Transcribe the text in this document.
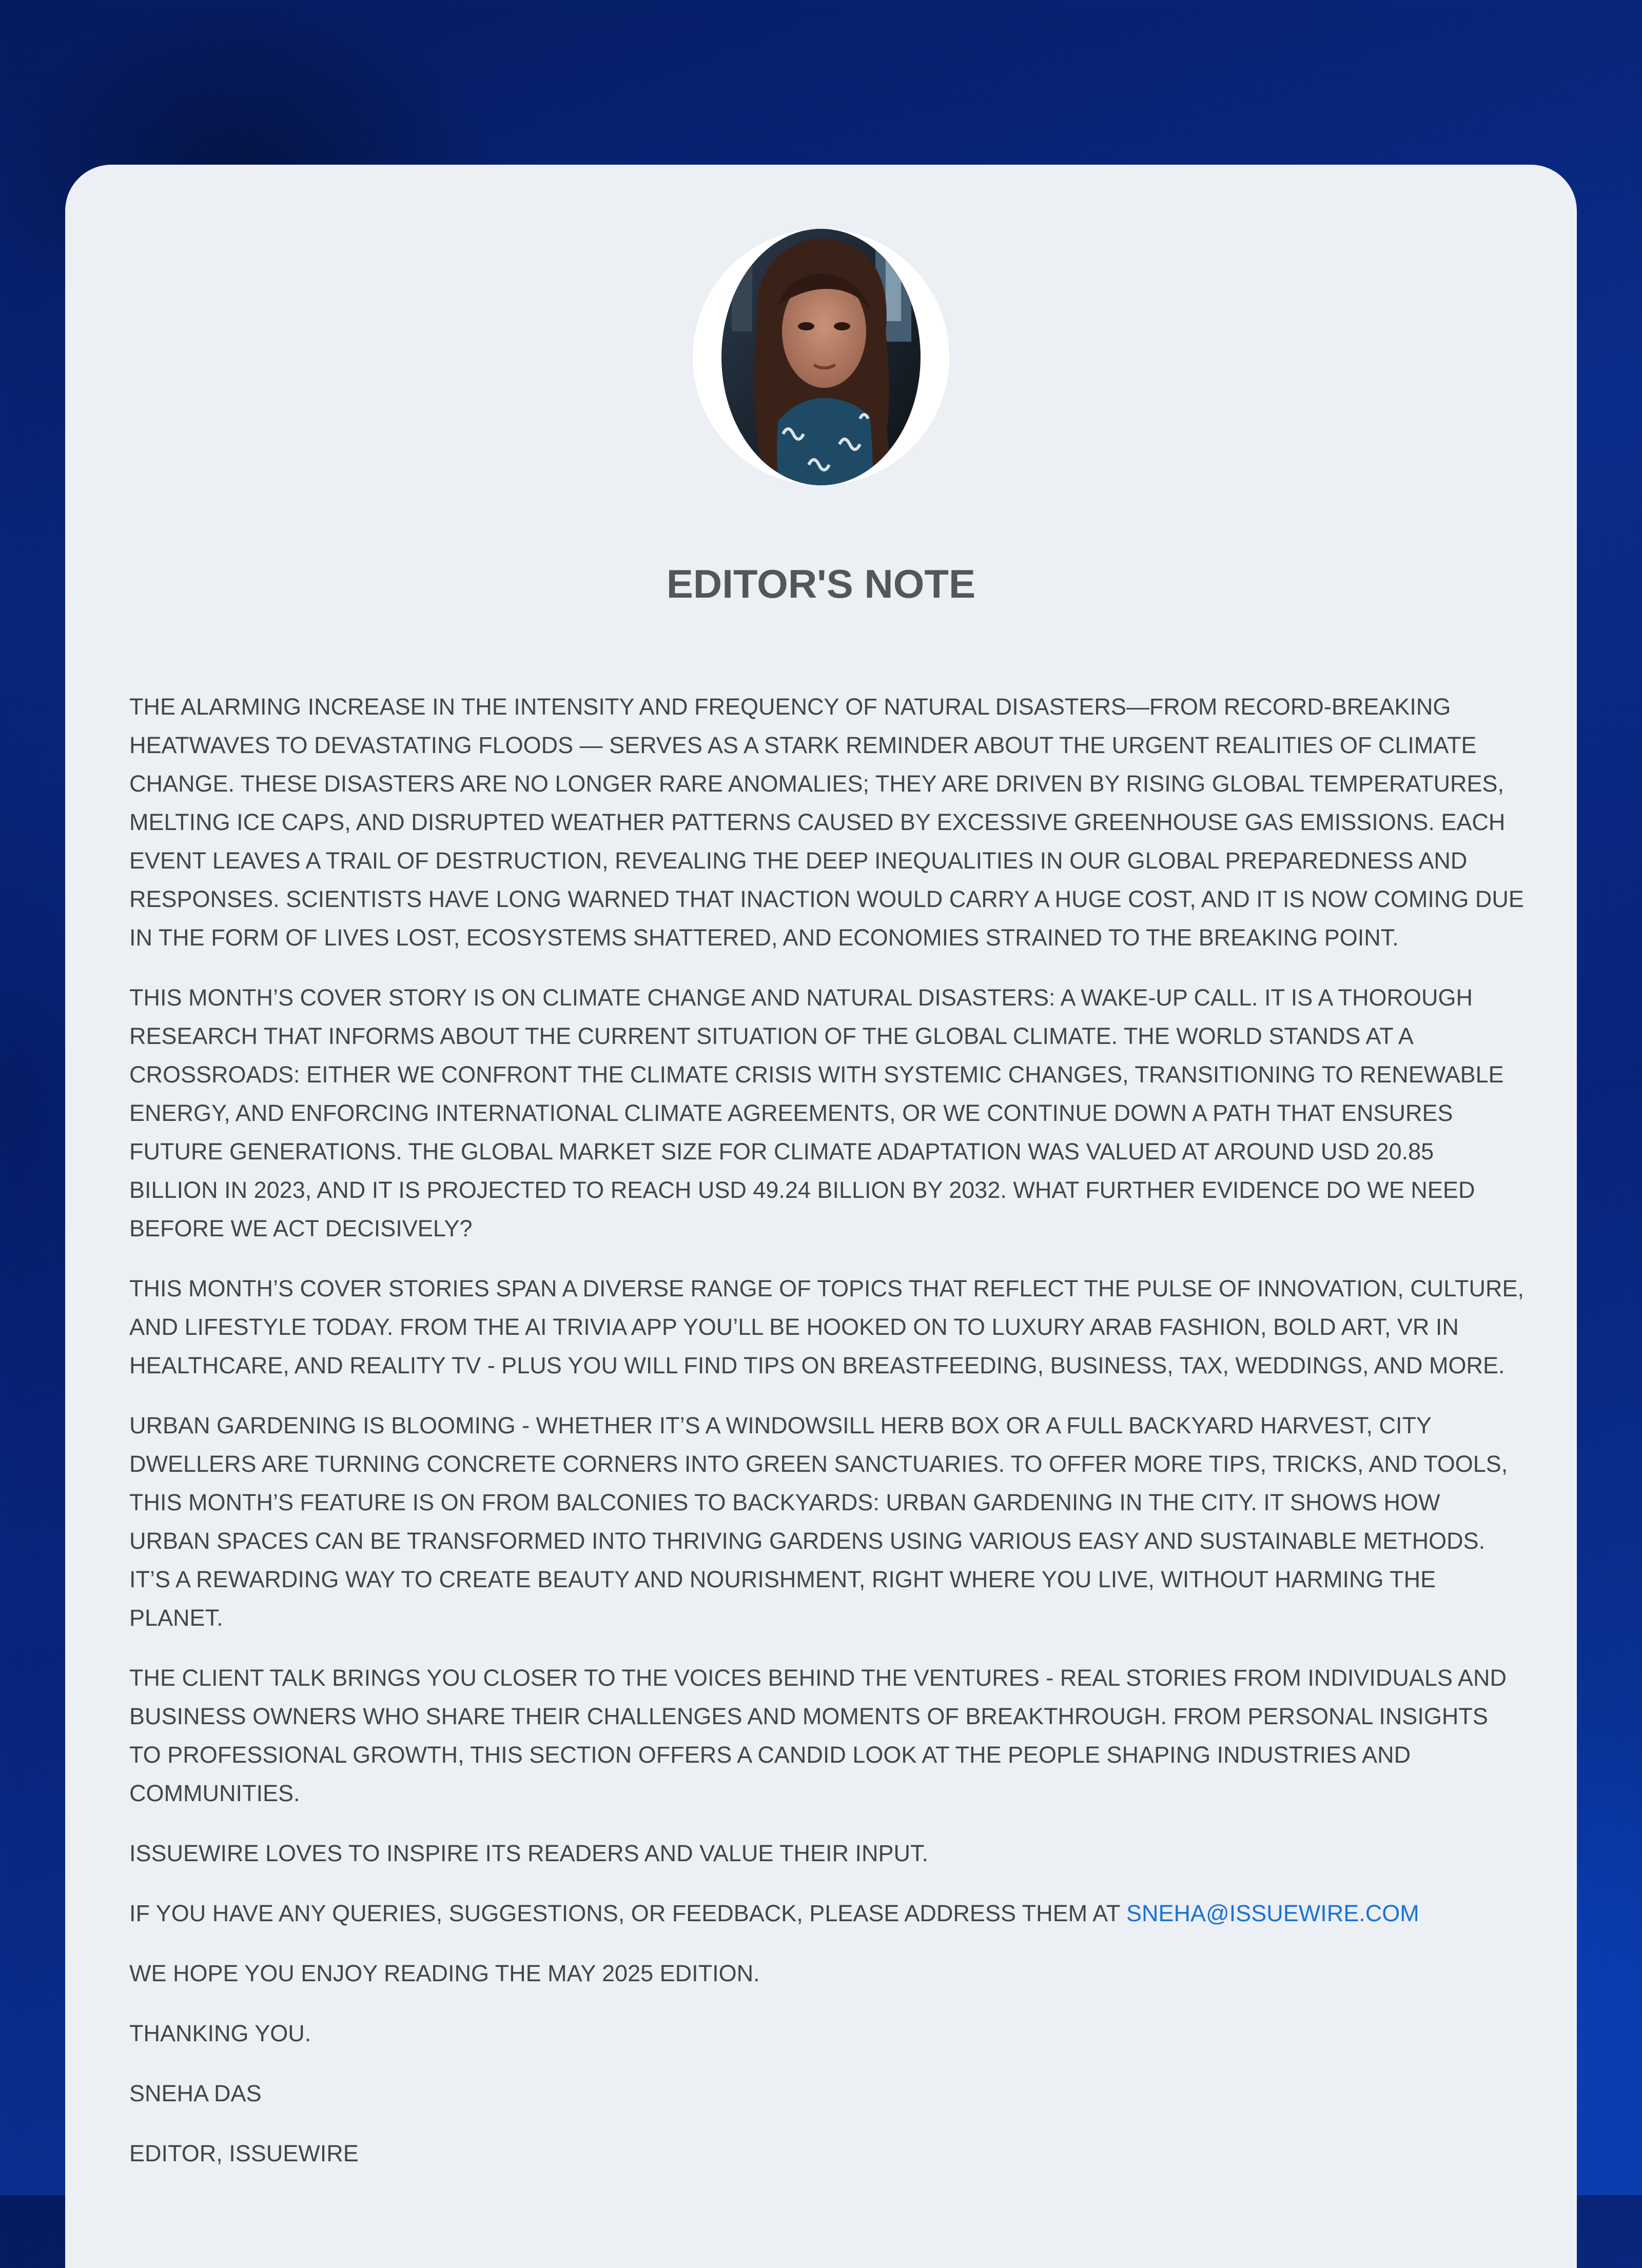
EDITOR'S NOTE

THE ALARMING INCREASE IN THE INTENSITY AND FREQUENCY OF NATURAL DISASTERS—FROM RECORD-BREAKING HEATWAVES TO DEVASTATING FLOODS — SERVES AS A STARK REMINDER ABOUT THE URGENT REALITIES OF CLIMATE CHANGE. THESE DISASTERS ARE NO LONGER RARE ANOMALIES; THEY ARE DRIVEN BY RISING GLOBAL TEMPERATURES, MELTING ICE CAPS, AND DISRUPTED WEATHER PATTERNS CAUSED BY EXCESSIVE GREENHOUSE GAS EMISSIONS. EACH EVENT LEAVES A TRAIL OF DESTRUCTION, REVEALING THE DEEP INEQUALITIES IN OUR GLOBAL PREPAREDNESS AND RESPONSES. SCIENTISTS HAVE LONG WARNED THAT INACTION WOULD CARRY A HUGE COST, AND IT IS NOW COMING DUE IN THE FORM OF LIVES LOST, ECOSYSTEMS SHATTERED, AND ECONOMIES STRAINED TO THE BREAKING POINT.

THIS MONTH’S COVER STORY IS ON CLIMATE CHANGE AND NATURAL DISASTERS: A WAKE-UP CALL. IT IS A THOROUGH RESEARCH THAT INFORMS ABOUT THE CURRENT SITUATION OF THE GLOBAL CLIMATE. THE WORLD STANDS AT A CROSSROADS: EITHER WE CONFRONT THE CLIMATE CRISIS WITH SYSTEMIC CHANGES, TRANSITIONING TO RENEWABLE ENERGY, AND ENFORCING INTERNATIONAL CLIMATE AGREEMENTS, OR WE CONTINUE DOWN A PATH THAT ENSURES FUTURE GENERATIONS. THE GLOBAL MARKET SIZE FOR CLIMATE ADAPTATION WAS VALUED AT AROUND USD 20.85 BILLION IN 2023, AND IT IS PROJECTED TO REACH USD 49.24 BILLION BY 2032. WHAT FURTHER EVIDENCE DO WE NEED BEFORE WE ACT DECISIVELY?

THIS MONTH’S COVER STORIES SPAN A DIVERSE RANGE OF TOPICS THAT REFLECT THE PULSE OF INNOVATION, CULTURE, AND LIFESTYLE TODAY. FROM THE AI TRIVIA APP YOU’LL BE HOOKED ON TO LUXURY ARAB FASHION, BOLD ART, VR IN HEALTHCARE, AND REALITY TV - PLUS YOU WILL FIND TIPS ON BREASTFEEDING, BUSINESS, TAX, WEDDINGS, AND MORE.

URBAN GARDENING IS BLOOMING - WHETHER IT’S A WINDOWSILL HERB BOX OR A FULL BACKYARD HARVEST, CITY DWELLERS ARE TURNING CONCRETE CORNERS INTO GREEN SANCTUARIES. TO OFFER MORE TIPS, TRICKS, AND TOOLS, THIS MONTH’S FEATURE IS ON FROM BALCONIES TO BACKYARDS: URBAN GARDENING IN THE CITY. IT SHOWS HOW URBAN SPACES CAN BE TRANSFORMED INTO THRIVING GARDENS USING VARIOUS EASY AND SUSTAINABLE METHODS. IT’S A REWARDING WAY TO CREATE BEAUTY AND NOURISHMENT, RIGHT WHERE YOU LIVE, WITHOUT HARMING THE PLANET.

THE CLIENT TALK BRINGS YOU CLOSER TO THE VOICES BEHIND THE VENTURES - REAL STORIES FROM INDIVIDUALS AND BUSINESS OWNERS WHO SHARE THEIR CHALLENGES AND MOMENTS OF BREAKTHROUGH. FROM PERSONAL INSIGHTS TO PROFESSIONAL GROWTH, THIS SECTION OFFERS A CANDID LOOK AT THE PEOPLE SHAPING INDUSTRIES AND COMMUNITIES.

ISSUEWIRE LOVES TO INSPIRE ITS READERS AND VALUE THEIR INPUT.

IF YOU HAVE ANY QUERIES, SUGGESTIONS, OR FEEDBACK, PLEASE ADDRESS THEM AT SNEHA@ISSUEWIRE.COM

WE HOPE YOU ENJOY READING THE MAY 2025 EDITION.

THANKING YOU.

SNEHA DAS

EDITOR, ISSUEWIRE
